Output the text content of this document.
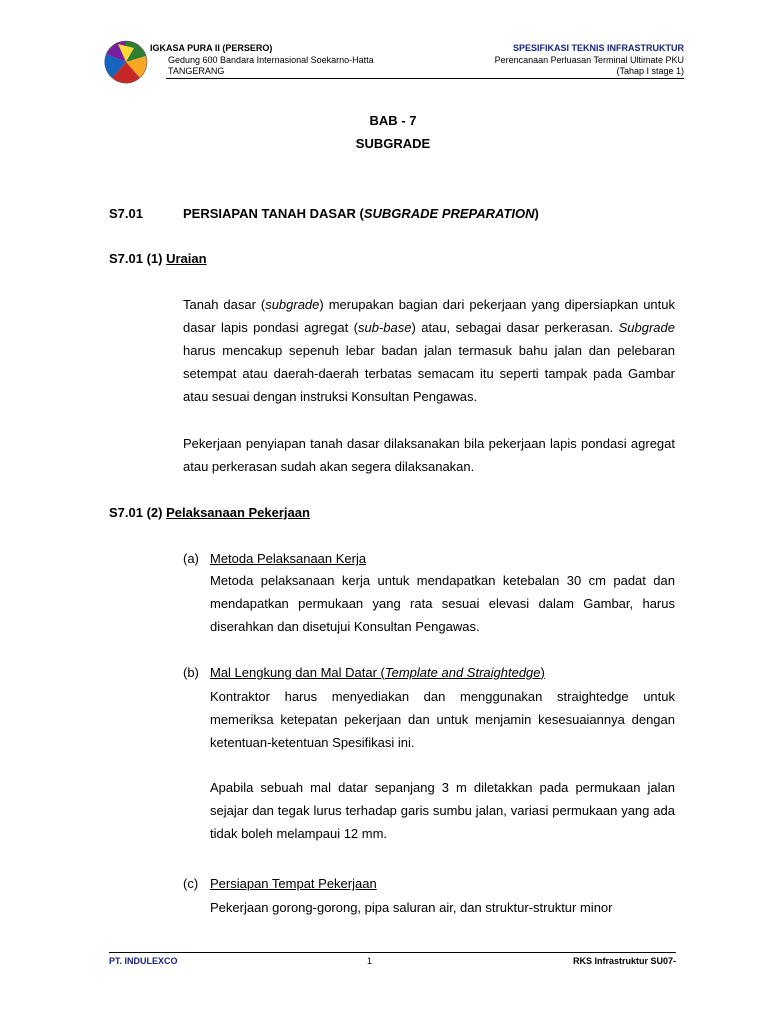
IGKASA PURA II (PERSERO)
Gedung 600 Bandara Internasional Soekarno-Hatta
TANGERANG
SPESIFIKASI TEKNIS INFRASTRUKTUR
Perencanaan Perluasan Terminal Ultimate PKU
(Tahap I stage 1)
BAB - 7
SUBGRADE
S7.01	PERSIAPAN TANAH DASAR (SUBGRADE PREPARATION)
S7.01 (1) Uraian

Tanah dasar (subgrade) merupakan bagian dari pekerjaan yang dipersiapkan untuk dasar lapis pondasi agregat (sub-base) atau, sebagai dasar perkerasan. Subgrade harus mencakup sepenuh lebar badan jalan termasuk bahu jalan dan pelebaran setempat atau daerah-daerah terbatas semacam itu seperti tampak pada Gambar atau sesuai dengan instruksi Konsultan Pengawas.

Pekerjaan penyiapan tanah dasar dilaksanakan bila pekerjaan lapis pondasi agregat atau perkerasan sudah akan segera dilaksanakan.

S7.01 (2) Pelaksanaan Pekerjaan
(a) Metoda Pelaksanaan Kerja
Metoda pelaksanaan kerja untuk mendapatkan ketebalan 30 cm padat dan mendapatkan permukaan yang rata sesuai elevasi dalam Gambar, harus diserahkan dan disetujui Konsultan Pengawas.
(b) Mal Lengkung dan Mal Datar (Template and Straightedge)
Kontraktor harus menyediakan dan menggunakan straightedge untuk memeriksa ketepatan pekerjaan dan untuk menjamin kesesuaiannya dengan ketentuan-ketentuan Spesifikasi ini.
Apabila sebuah mal datar sepanjang 3 m diletakkan pada permukaan jalan sejajar dan tegak lurus terhadap garis sumbu jalan, variasi permukaan yang ada tidak boleh melampaui 12 mm.
(c) Persiapan Tempat Pekerjaan
Pekerjaan gorong-gorong, pipa saluran air, dan struktur-struktur minor
PT. INDULEXCO	1	RKS Infrastruktur SU07-
